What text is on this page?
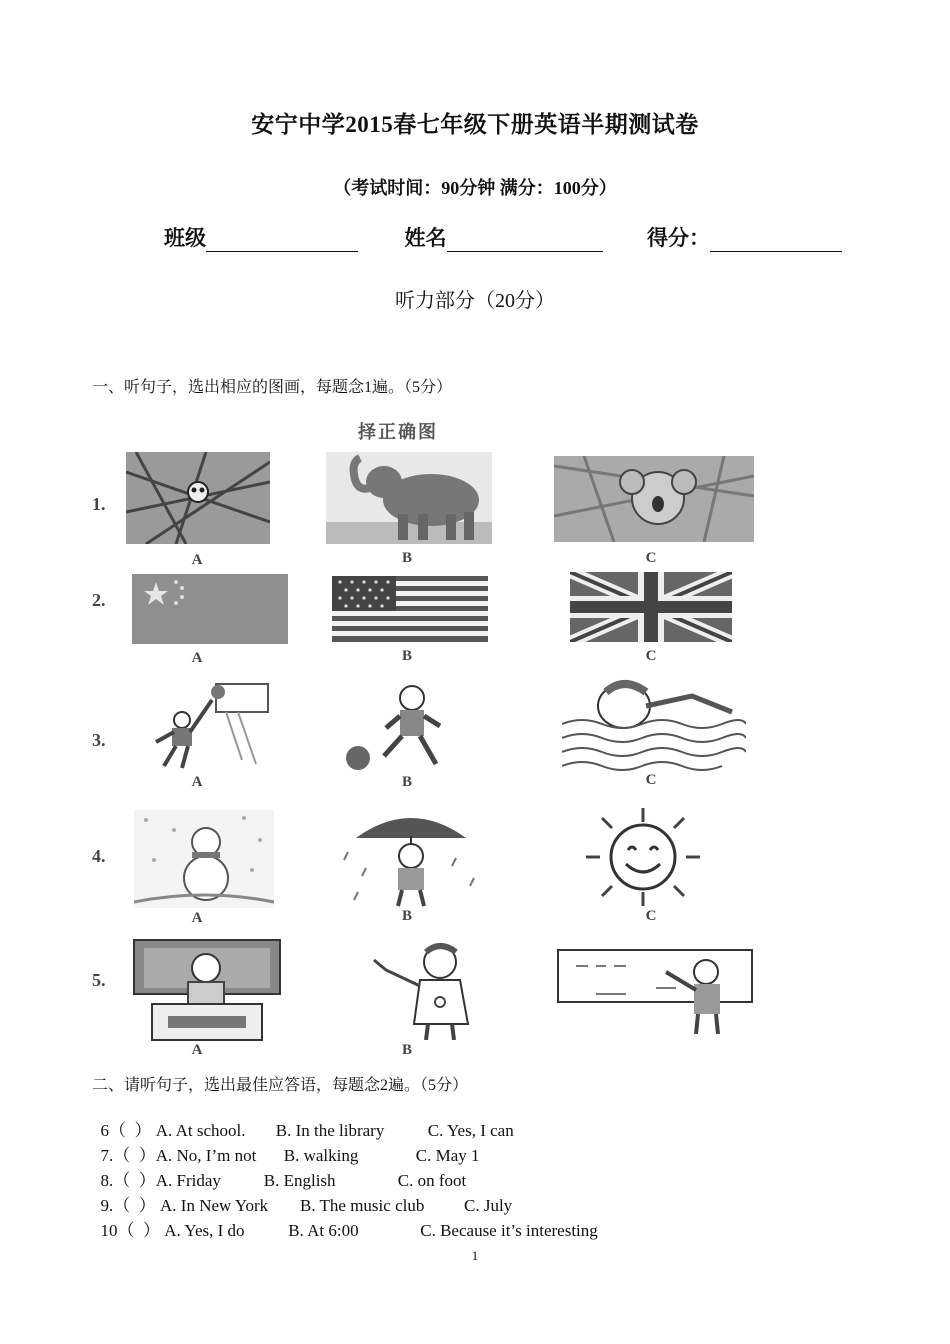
安宁中学2015春七年级下册英语半期测试卷
（考试时间：90分钟 满分：100分）
班级	姓名	得分：
听力部分（20分）
一、听句子，选出相应的图画，每题念1遍。（5分）
择正确图
1.
A	B	C
2.
A	B	C
3.
A	B	C
4.
A	B	C
5.
A	B
二、请听句子，选出最佳应答语，每题念2遍。（5分）

6（  ） A. At school. B. In the library	C. Yes, I can

7.（  ）A. No, I’m not B. walking	C. May 1

8.（  ）A. Friday	B. English	C. on foot

9.（  ） A. In New York B. The music club C. July

10（  ） A. Yes, I do	B. At 6:00	C. Because it’s interesting

1
